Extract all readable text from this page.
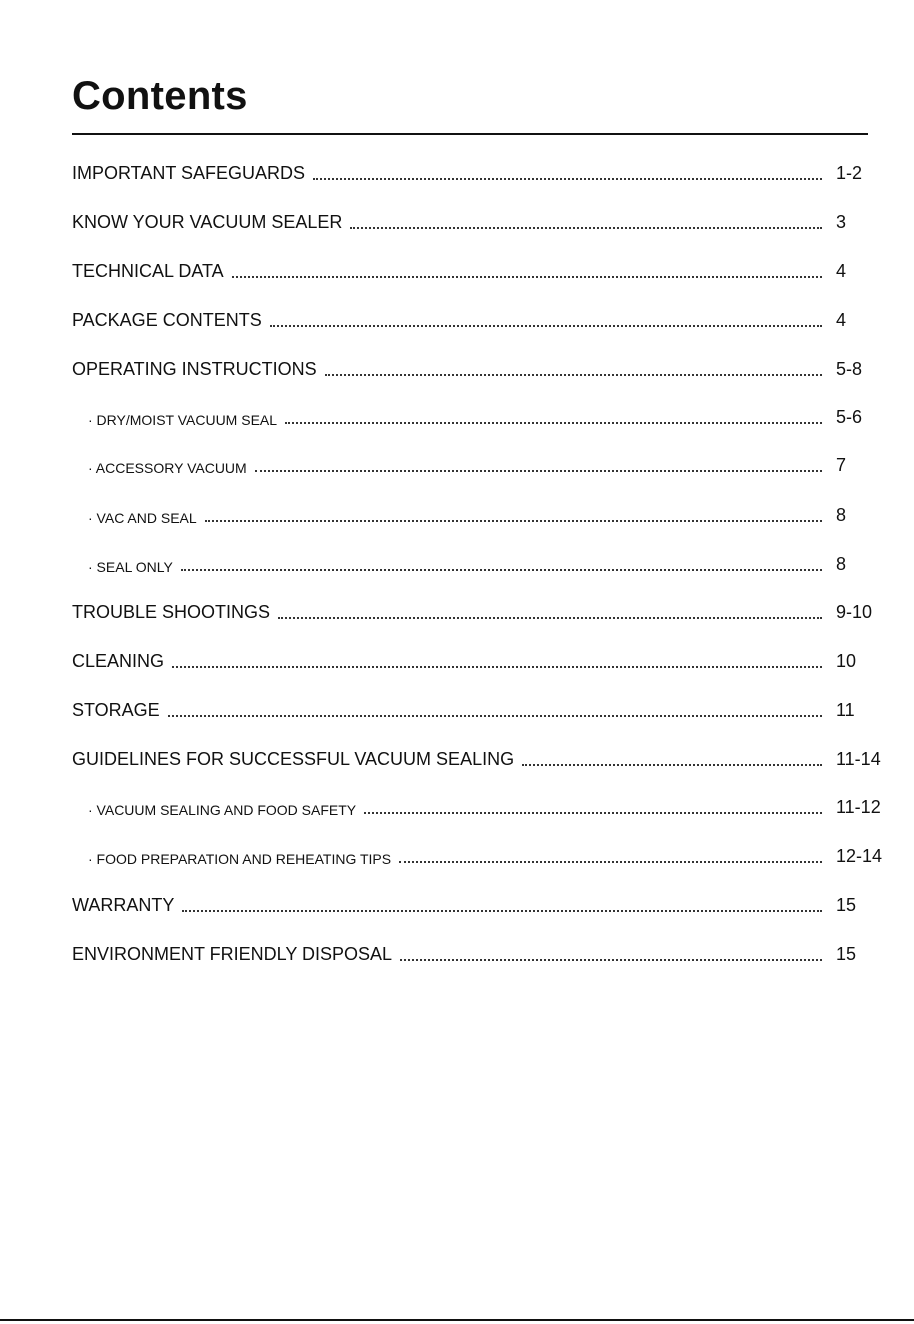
Contents
IMPORTANT SAFEGUARDS	1-2
KNOW YOUR VACUUM SEALER	3
TECHNICAL DATA	4
PACKAGE CONTENTS	4
OPERATING INSTRUCTIONS	5-8
· DRY/MOIST VACUUM SEAL	5-6
· ACCESSORY VACUUM	7
· VAC AND SEAL	8
· SEAL ONLY	8
TROUBLE SHOOTINGS	9-10
CLEANING	10
STORAGE	11
GUIDELINES FOR SUCCESSFUL VACUUM SEALING	11-14
· VACUUM SEALING AND FOOD SAFETY	11-12
· FOOD PREPARATION AND REHEATING TIPS	12-14
WARRANTY	15
ENVIRONMENT FRIENDLY DISPOSAL	15
